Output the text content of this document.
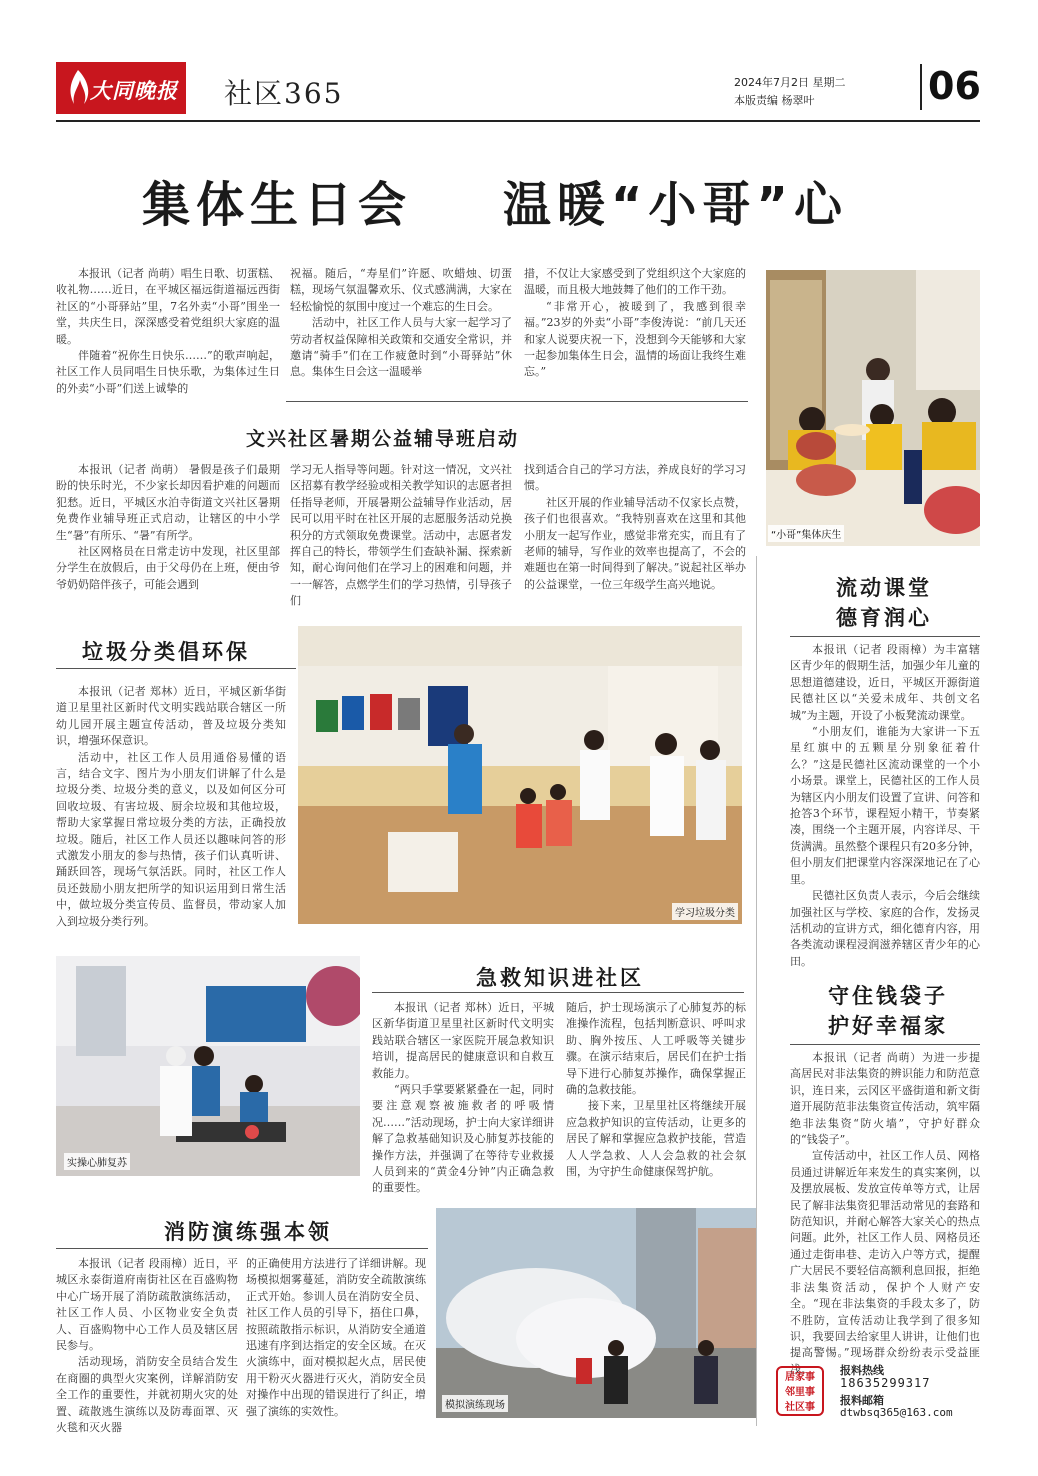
大同晚报 社区365	2024年7月2日 星期二
本版责编 杨翠叶	06
集体生日会    温暖“小哥”心

本报讯（记者 尚萌）唱生日歌、切蛋糕、收礼物……近日，在平城区福远街道福远西街社区的“小哥驿站”里，7名外卖“小哥”围坐一堂，共庆生日，深深感受着党组织大家庭的温暖。

伴随着“祝你生日快乐……”的歌声响起，社区工作人员同唱生日快乐歌，为集体过生日的外卖“小哥”们送上诚挚的

祝福。随后，“寿星们”许愿、吹蜡烛、切蛋糕，现场气氛温馨欢乐、仪式感满满，大家在轻松愉悦的氛围中度过一个难忘的生日会。

活动中，社区工作人员与大家一起学习了劳动者权益保障相关政策和交通安全常识，并邀请“骑手”们在工作疲惫时到“小哥驿站”休息。集体生日会这一温暖举

措，不仅让大家感受到了党组织这个大家庭的温暖，而且极大地鼓舞了他们的工作干劲。

“非常开心，被暖到了，我感到很幸福。”23岁的外卖“小哥”李俊涛说：“前几天还和家人说要庆祝一下，没想到今天能够和大家一起参加集体生日会，温情的场面让我终生难忘。”

“小哥”集体庆生
文兴社区暑期公益辅导班启动

本报讯（记者 尚萌） 暑假是孩子们最期盼的快乐时光，不少家长却因看护难的问题而犯愁。近日，平城区水泊寺街道文兴社区暑期免费作业辅导班正式启动，让辖区的中小学生“暑”有所乐、“暑”有所学。

社区网格员在日常走访中发现，社区里部分学生在放假后，由于父母仍在上班，便由爷爷奶奶陪伴孩子，可能会遇到

学习无人指导等问题。针对这一情况，文兴社区招募有教学经验或相关教学知识的志愿者担任指导老师，开展暑期公益辅导作业活动，居民可以用平时在社区开展的志愿服务活动兑换积分的方式领取免费课堂。活动中，志愿者发挥自己的特长，带领学生们查缺补漏、探索新知，耐心询问他们在学习上的困难和问题，并一一解答，点燃学生们的学习热情，引导孩子们

找到适合自己的学习方法，养成良好的学习习惯。

社区开展的作业辅导活动不仅家长点赞，孩子们也很喜欢。“我特别喜欢在这里和其他小朋友一起写作业，感觉非常充实，而且有了老师的辅导，写作业的效率也提高了，不会的难题也在第一时间得到了解决。”说起社区举办的公益课堂，一位三年级学生高兴地说。

垃圾分类倡环保

本报讯（记者 郑林）近日，平城区新华街道卫星里社区新时代文明实践站联合辖区一所幼儿园开展主题宣传活动，普及垃圾分类知识，增强环保意识。

活动中，社区工作人员用通俗易懂的语言，结合文字、图片为小朋友们讲解了什么是垃圾分类、垃圾分类的意义，以及如何区分可回收垃圾、有害垃圾、厨余垃圾和其他垃圾，帮助大家掌握日常垃圾分类的方法，正确投放垃圾。随后，社区工作人员还以趣味问答的形式激发小朋友的参与热情，孩子们认真听讲、踊跃回答，现场气氛活跃。同时，社区工作人员还鼓励小朋友把所学的知识运用到日常生活中，做垃圾分类宣传员、监督员，带动家人加入到垃圾分类行列。

学习垃圾分类
实操心肺复苏
急救知识进社区

本报讯（记者 郑林）近日，平城区新华街道卫星里社区新时代文明实践站联合辖区一家医院开展急救知识培训，提高居民的健康意识和自救互救能力。

“两只手掌要紧紧叠在一起，同时要注意观察被施救者的呼吸情况……”活动现场，护士向大家详细讲解了急救基础知识及心肺复苏技能的操作方法，并强调了在等待专业救援人员到来的“黄金4分钟”内正确急救的重要性。

随后，护士现场演示了心肺复苏的标准操作流程，包括判断意识、呼叫求助、胸外按压、人工呼吸等关键步骤。在演示结束后，居民们在护士指导下进行心肺复苏操作，确保掌握正确的急救技能。

接下来，卫星里社区将继续开展应急救护知识的宣传活动，让更多的居民了解和掌握应急救护技能，营造人人学急救、人人会急救的社会氛围，为守护生命健康保驾护航。

消防演练强本领

本报讯（记者 段雨樟）近日，平城区永泰街道府南街社区在百盛购物中心广场开展了消防疏散演练活动，社区工作人员、小区物业安全负责人、百盛购物中心工作人员及辖区居民参与。

活动现场，消防安全员结合发生在商圈的典型火灾案例，详解消防安全工作的重要性，并就初期火灾的处置、疏散逃生演练以及防毒面罩、灭火毯和灭火器

的正确使用方法进行了详细讲解。现场模拟烟雾蔓延，消防安全疏散演练正式开始。参训人员在消防安全员、社区工作人员的引导下，捂住口鼻，按照疏散指示标识，从消防安全通道迅速有序到达指定的安全区域。在灭火演练中，面对模拟起火点，居民使用干粉灭火器进行灭火，消防安全员对操作中出现的错误进行了纠正，增强了演练的实效性。	模拟演练现场
流动课堂
德育润心

本报讯（记者 段雨樟）为丰富辖区青少年的假期生活，加强少年儿童的思想道德建设，近日，平城区开源街道民德社区以“关爱未成年、共创文名城”为主题，开设了小板凳流动课堂。

“小朋友们，谁能为大家讲一下五星红旗中的五颗星分别象征着什么？”这是民德社区流动课堂的一个小小场景。课堂上，民德社区的工作人员为辖区内小朋友们设置了宣讲、问答和抢答3个环节，课程短小精干，节奏紧凑，围绕一个主题开展，内容详尽、干货满满。虽然整个课程只有20多分钟，但小朋友们把课堂内容深深地记在了心里。

民德社区负责人表示，今后会继续加强社区与学校、家庭的合作，发扬灵活机动的宣讲方式，细化德育内容，用各类流动课程浸润滋养辖区青少年的心田。

守住钱袋子
护好幸福家

本报讯（记者 尚萌）为进一步提高居民对非法集资的辨识能力和防范意识，连日来，云冈区平盛街道和新文街道开展防范非法集资宣传活动，筑牢隔绝非法集资“防火墙”，守护好群众的“钱袋子”。

宣传活动中，社区工作人员、网格员通过讲解近年来发生的真实案例，以及摆放展板、发放宣传单等方式，让居民了解非法集资犯罪活动常见的套路和防范知识，并耐心解答大家关心的热点问题。此外，社区工作人员、网格员还通过走街串巷、走访入户等方式，提醒广大居民不要轻信高额利息回报，拒绝非法集资活动，保护个人财产安全。“现在非法集资的手段太多了，防不胜防，宣传活动让我学到了很多知识，我要回去给家里人讲讲，让他们也提高警惕。”现场群众纷纷表示受益匪浅。

居家事
邻里事
社区事
报料热线
18635299317
报料邮箱
dtwbsq365@163.com
